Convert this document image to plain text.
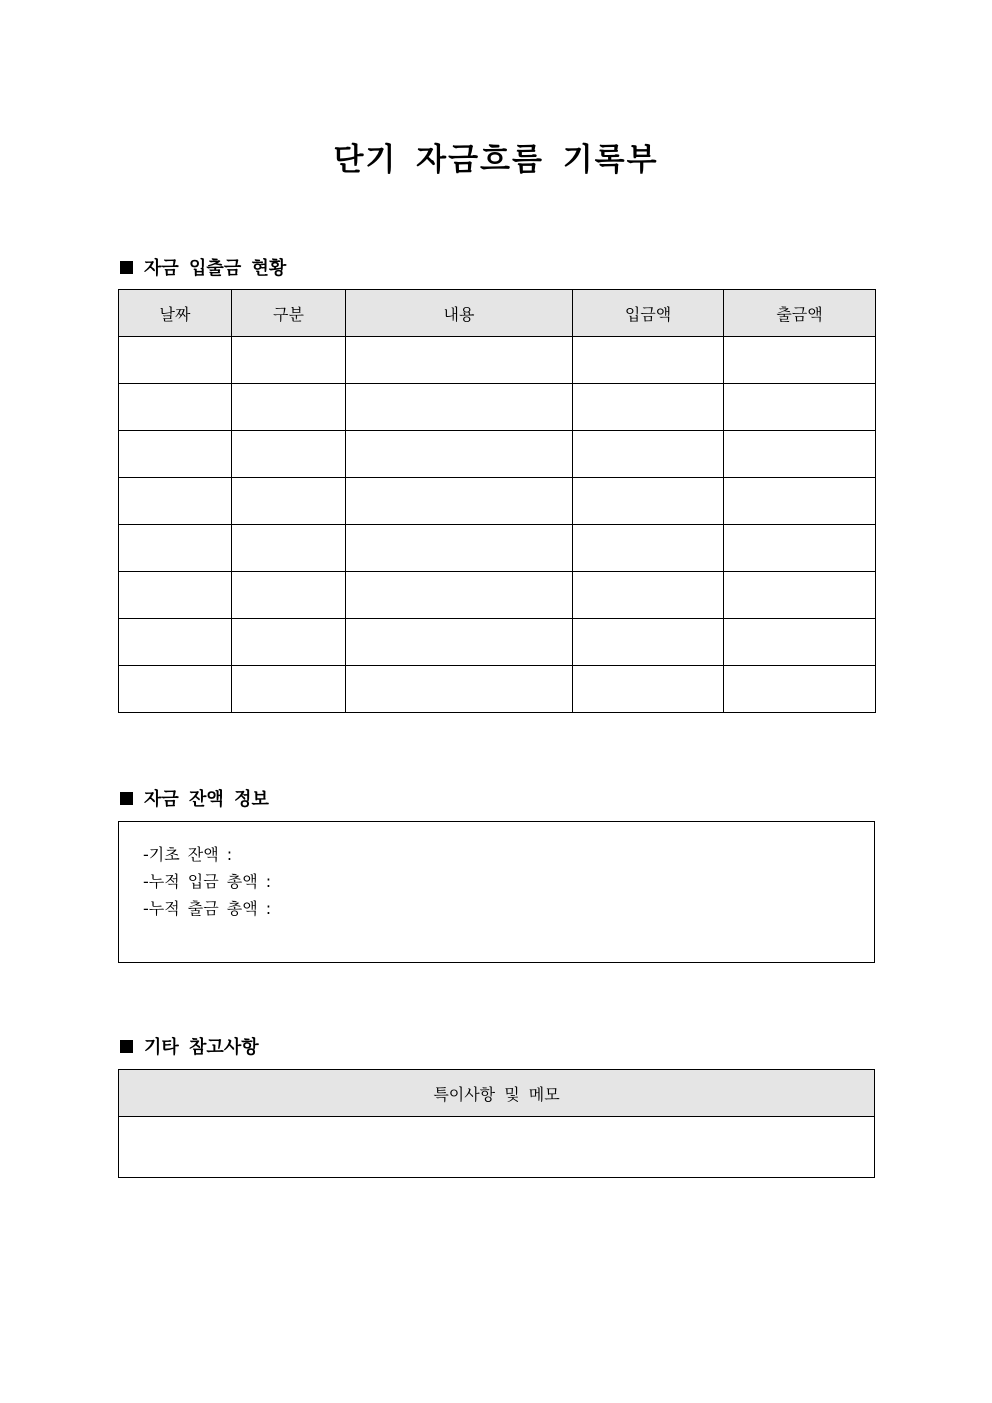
단기 자금흐름 기록부
자금 입출금 현황
날짜	구분	내용	입금액	출금액

자금 잔액 정보
-기초 잔액 :
-누적 입금 총액 :
-누적 출금 총액 :
기타 참고사항
특이사항 및 메모
